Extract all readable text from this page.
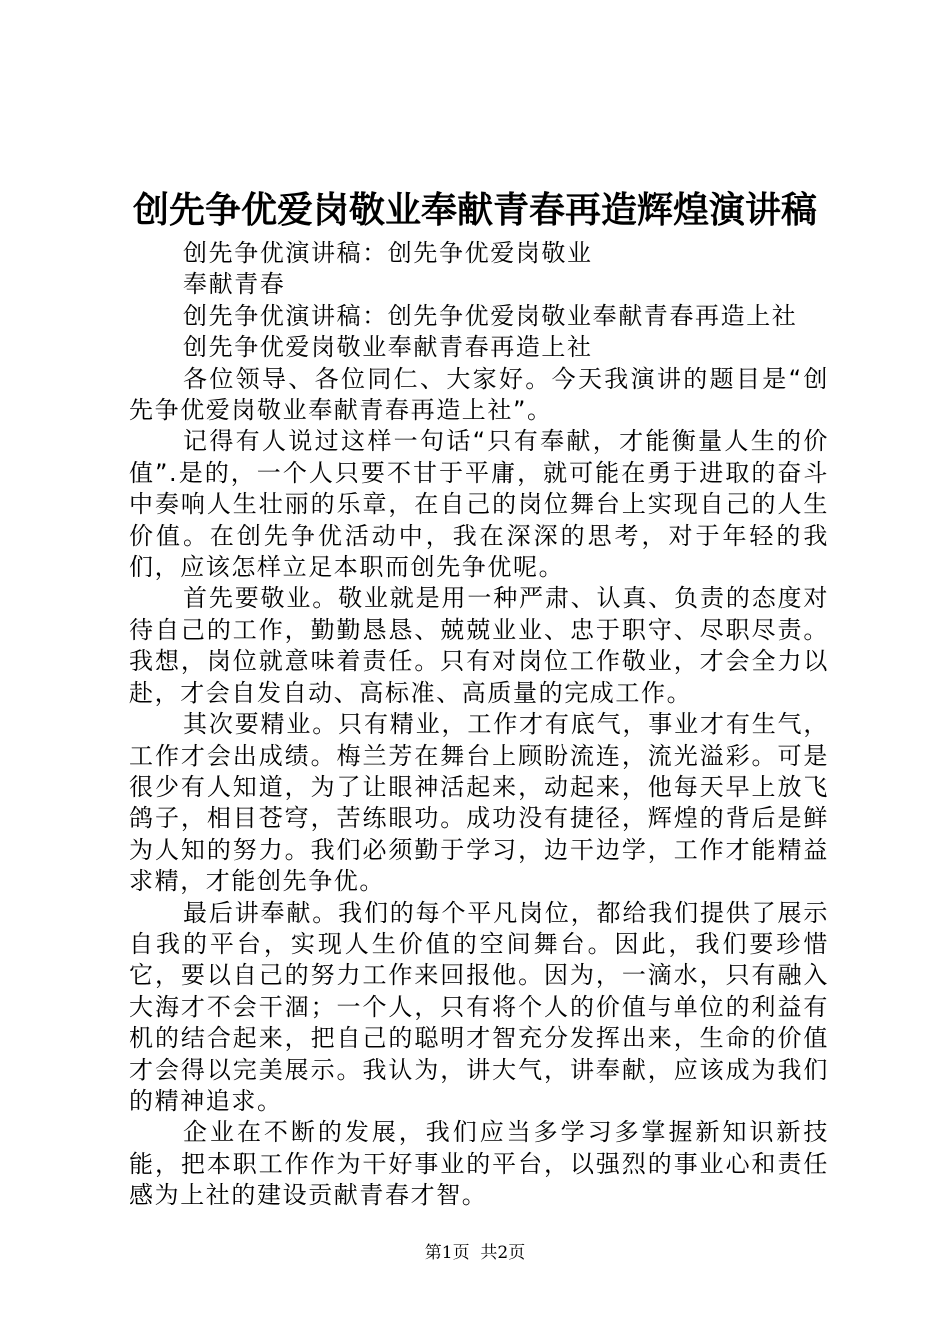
创先争优爱岗敬业奉献青春再造辉煌演讲稿

创先争优演讲稿：创先争优爱岗敬业

奉献青春

创先争优演讲稿：创先争优爱岗敬业奉献青春再造上社

创先争优爱岗敬业奉献青春再造上社

各位领导、各位同仁、大家好。今天我演讲的题目是“创先争优爱岗敬业奉献青春再造上社”。

记得有人说过这样一句话“只有奉献，才能衡量人生的价值”.是的，一个人只要不甘于平庸，就可能在勇于进取的奋斗中奏响人生壮丽的乐章，在自己的岗位舞台上实现自己的人生价值。在创先争优活动中，我在深深的思考，对于年轻的我们，应该怎样立足本职而创先争优呢。

首先要敬业。敬业就是用一种严肃、认真、负责的态度对待自己的工作，勤勤恳恳、兢兢业业、忠于职守、尽职尽责。我想，岗位就意味着责任。只有对岗位工作敬业，才会全力以赴，才会自发自动、高标准、高质量的完成工作。

其次要精业。只有精业，工作才有底气，事业才有生气，工作才会出成绩。梅兰芳在舞台上顾盼流连，流光溢彩。可是很少有人知道，为了让眼神活起来，动起来，他每天早上放飞鸽子，相目苍穹，苦练眼功。成功没有捷径，辉煌的背后是鲜为人知的努力。我们必须勤于学习，边干边学，工作才能精益求精，才能创先争优。

最后讲奉献。我们的每个平凡岗位，都给我们提供了展示自我的平台，实现人生价值的空间舞台。因此，我们要珍惜它，要以自己的努力工作来回报他。因为，一滴水，只有融入大海才不会干涸；一个人，只有将个人的价值与单位的利益有机的结合起来，把自己的聪明才智充分发挥出来，生命的价值才会得以完美展示。我认为，讲大气，讲奉献，应该成为我们的精神追求。

企业在不断的发展，我们应当多学习多掌握新知识新技能，把本职工作作为干好事业的平台，以强烈的事业心和责任感为上社的建设贡献青春才智。

第1页  共2页
